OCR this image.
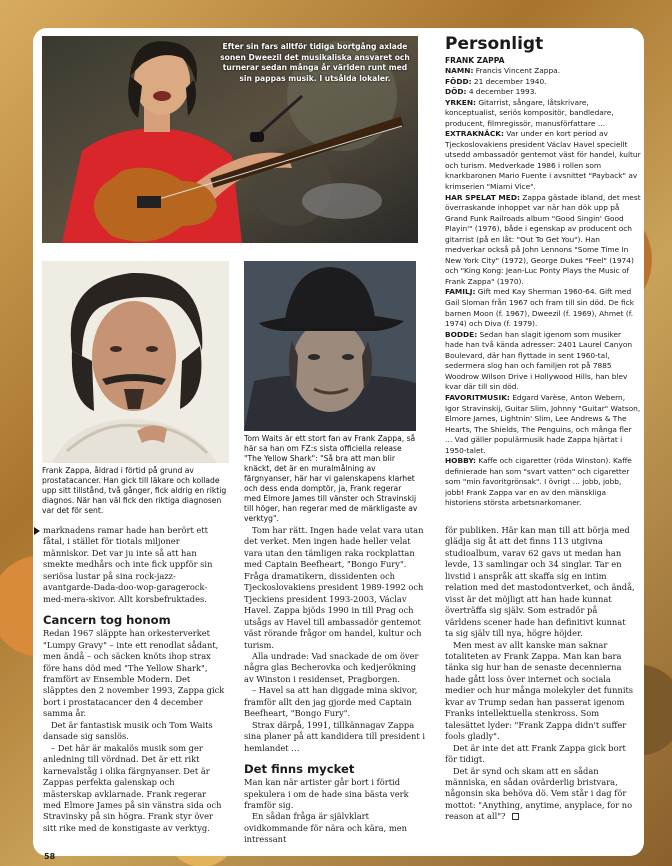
Efter sin fars alltför tidiga bortgång axlade sonen Dweezil det musikaliska ansvaret och turnerar sedan många år världen runt med sin pappas musik. I utsålda lokaler.
Frank Zappa, åldrad i förtid på grund av prostatacancer. Han gick till läkare och kollade upp sitt tillstånd, två gånger, fick aldrig en riktig diagnos. När han väl fick den riktiga diagnosen var det för sent.
Tom Waits är ett stort fan av Frank Zappa, så här sa han om FZ:s sista officiella release "The Yellow Shark": "Så bra att man blir knäckt, det är en muralmålning av färgnyanser, här har vi galenskapens klarhet och dess enda domptör, ja, Frank regerar med Elmore James till vänster och Stravinskij till höger, han regerar med de märkligaste av verktyg".
Personligt
FRANK ZAPPA

NAMN: Francis Vincent Zappa.

FÖDD: 21 december 1940.

DÖD: 4 december 1993.

YRKEN: Gitarrist, sångare, låtskrivare, konceptualist, seriös kompositör, bandledare, producent, filmregissör, manusförfattare …

EXTRAKNÄCK: Var under en kort period av Tjeckoslovakiens president Václav Havel speciellt utsedd ambassadör gentemot väst för handel, kultur och turism. Medverkade 1986 i rollen som knarkbaronen Mario Fuente i avsnittet "Payback" av krimserien "Miami Vice".

HAR SPELAT MED: Zappa gästade ibland, det mest överraskande inhoppet var när han dök upp på Grand Funk Railroads album "Good Singin' Good Playin'" (1976), både i egenskap av producent och gitarrist (på en låt: "Out To Get You"). Han medverkar också på John Lennons "Some Time In New York City" (1972), George Dukes "Feel" (1974) och "King Kong: Jean-Luc Ponty Plays the Music of Frank Zappa" (1970).

FAMILJ: Gift med Kay Sherman 1960-64. Gift med Gail Sloman från 1967 och fram till sin död. De fick barnen Moon (f. 1967), Dweezil (f. 1969), Ahmet (f. 1974) och Diva (f. 1979).

BODDE: Sedan han slagit igenom som musiker hade han två kända adresser: 2401 Laurel Canyon Boulevard, där han flyttade in sent 1960-tal, sedermera slog han och familjen rot på 7885 Woodrow Wilson Drive i Hollywood Hills, han blev kvar där till sin död.

FAVORITMUSIK: Edgard Varèse, Anton Webern, Igor Stravinskij, Guitar Slim, Johnny "Guitar" Watson, Elmore James, Lightnin' Slim, Lee Andrews & The Hearts, The Shields, The Penguins, och många fler … Vad gäller populärmusik hade Zappa hjärtat i 1950-talet.

HOBBY: Kaffe och cigaretter (röda Winston). Kaffe definierade han som "svart vatten" och cigaretter som "min favoritgrönsak". I övrigt … jobb, jobb, jobb! Frank Zappa var en av den mänskliga historiens största arbetsnarkomaner.

marknadens ramar hade han berört ett fåtal, i stället för tiotals miljoner människor. Det var ju inte så att han smekte medhårs och inte fick uppför sin seriösa lustar på sina rock-jazz-avantgarde-Dada-doo-wop-garagerock-med-mera-skivor. Allt korsbefruktades.

Cancern tog honom

Redan 1967 släppte han orkesterverket "Lumpy Gravy" – inte ett renodlat sådant, men ändå – och säcken knöts ihop strax före hans död med "The Yellow Shark", framfört av Ensemble Modern. Det släpptes den 2 november 1993, Zappa gick bort i prostatacancer den 4 december samma år.

Det är fantastisk musik och Tom Waits dansade sig sanslös.

– Det här är makalös musik som ger anledning till vördnad. Det är ett rikt karnevalståg i olika färgnyanser. Det är Zappas perfekta galenskap och mästerskap avklarnade. Frank regerar med Elmore James på sin vänstra sida och Stravinsky på sin högra. Frank styr över sitt rike med de konstigaste av verktyg.

Tom har rätt. Ingen hade velat vara utan det verket. Men ingen hade heller velat vara utan den tämligen raka rockplattan med Captain Beefheart, "Bongo Fury". Fråga dramatikern, dissidenten och Tjeckoslovakiens president 1989-1992 och Tjeckiens president 1993-2003, Václav Havel. Zappa bjöds 1990 in till Prag och utsågs av Havel till ambassadör gentemot väst rörande frågor om handel, kultur och turism.

Alla undrade: Vad snackade de om över några glas Becherovka och kedjerökning av Winston i residenset, Pragborgen.

– Havel sa att han diggade mina skivor, framför allt den jag gjorde med Captain Beefheart, "Bongo Fury".

Strax därpå, 1991, tillkännagav Zappa sina planer på att kandidera till president i hemlandet …

Det finns mycket

Man kan när artister går bort i förtid spekulera i om de hade sina bästa verk framför sig.

En sådan fråga är självklart ovidkommande för nära och kära, men intressant

för publiken. Här kan man till att börja med glädja sig åt att det finns 113 utgivna studioalbum, varav 62 gavs ut medan han levde, 13 samlingar och 34 singlar. Tar en livstid i anspråk att skaffa sig en intim relation med det mastodontverket, och ändå, visst är det möjligt att han hade kunnat överträffa sig själv. Som estradör på världens scener hade han definitivt kunnat ta sig själv till nya, högre höjder.

Men mest av allt kanske man saknar totaliteten av Frank Zappa. Man kan bara tänka sig hur han de senaste decennierna hade gått loss över internet och sociala medier och hur många molekyler det funnits kvar av Trump sedan han passerat igenom Franks intellektuella stenkross. Som talesättet lyder: "Frank Zappa didn't suffer fools gladly".

Det är inte det att Frank Zappa gick bort för tidigt.

Det är synd och skam att en sådan människa, en sådan ovärderlig bristvara, någonsin ska behöva dö. Vem står i dag för mottot: "Anything, anytime, anyplace, for no reason at all"?

58
